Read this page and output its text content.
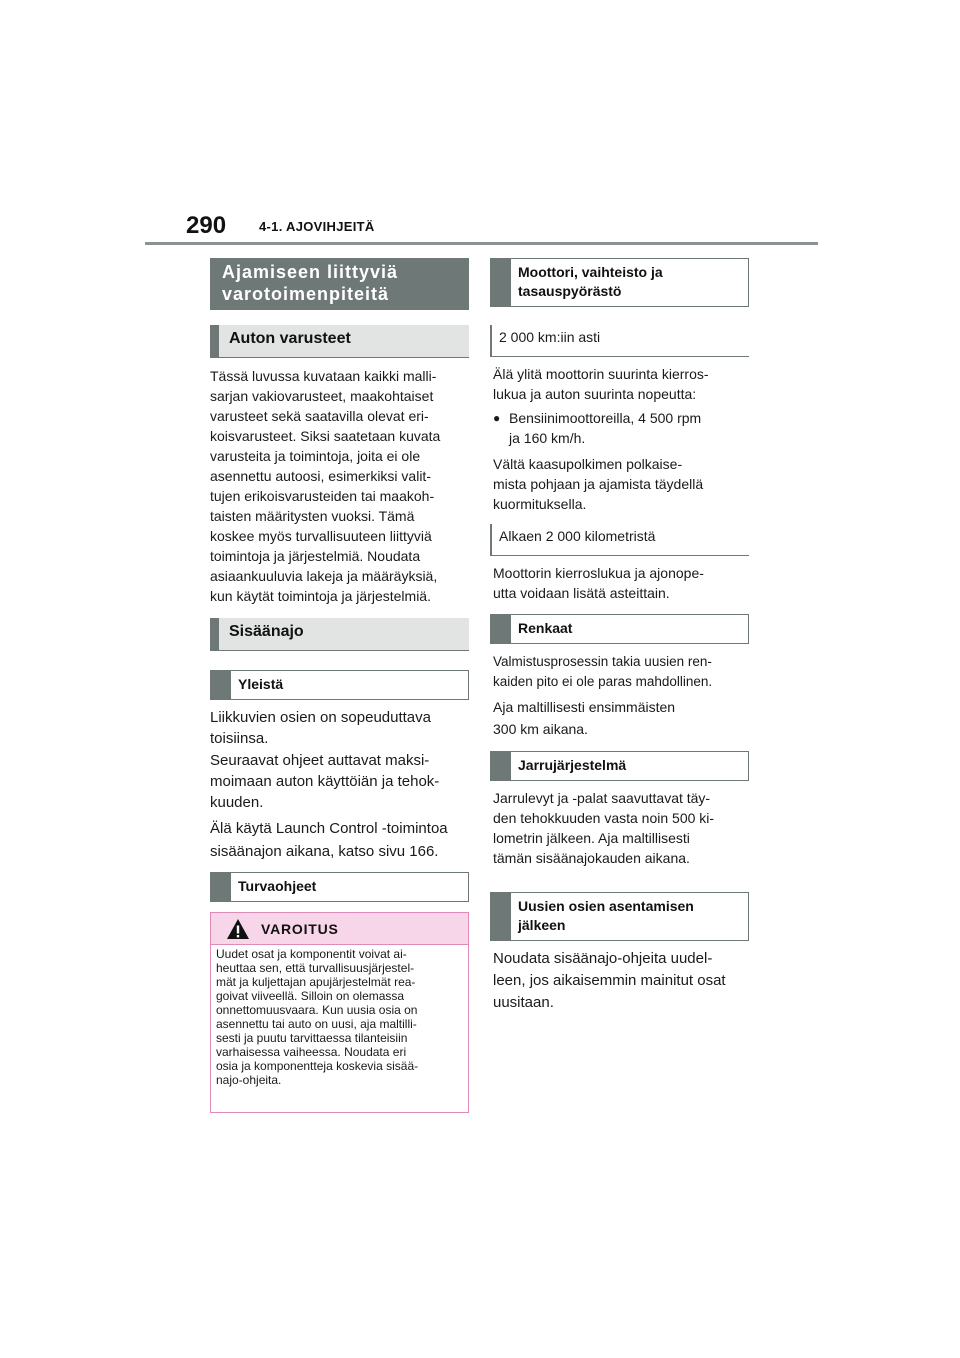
290	4-1. AJOVIHJEITÄ
Ajamiseen liittyviä
varotoimenpiteitä
Auton varusteet
Tässä luvussa kuvataan kaikki malli-
sarjan vakiovarusteet, maakohtaiset
varusteet sekä saatavilla olevat eri-
koisvarusteet. Siksi saatetaan kuvata
varusteita ja toimintoja, joita ei ole
asennettu autoosi, esimerkiksi valit-
tujen erikoisvarusteiden tai maakoh-
taisten määritysten vuoksi. Tämä
koskee myös turvallisuuteen liittyviä
toimintoja ja järjestelmiä. Noudata
asiaankuuluvia lakeja ja määräyksiä,
kun käytät toimintoja ja järjestelmiä.
Sisäänajo
Yleistä
Liikkuvien osien on sopeuduttava
toisiinsa.
Seuraavat ohjeet auttavat maksi-
moimaan auton käyttöiän ja tehok-
kuuden.
Älä käytä Launch Control -toimintoa
sisäänajon aikana, katso sivu 166.
Turvaohjeet
VAROITUS
Uudet osat ja komponentit voivat ai-
heuttaa sen, että turvallisuusjärjestel-
mät ja kuljettajan apujärjestelmät rea-
goivat viiveellä. Silloin on olemassa
onnettomuusvaara. Kun uusia osia on
asennettu tai auto on uusi, aja maltilli-
sesti ja puutu tarvittaessa tilanteisiin
varhaisessa vaiheessa. Noudata eri
osia ja komponentteja koskevia sisää-
najo-ohjeita.
Moottori, vaihteisto ja
tasauspyörästö
2 000 km:iin asti
Älä ylitä moottorin suurinta kierros-
lukua ja auton suurinta nopeutta:
● Bensiinimoottoreilla, 4 500 rpm
ja 160 km/h.
Vältä kaasupolkimen polkaise-
mista pohjaan ja ajamista täydellä
kuormituksella.
Alkaen 2 000 kilometristä
Moottorin kierroslukua ja ajonope-
utta voidaan lisätä asteittain.
Renkaat
Valmistusprosessin takia uusien ren-
kaiden pito ei ole paras mahdollinen.
Aja maltillisesti ensimmäisten
300 km aikana.
Jarrujärjestelmä
Jarrulevyt ja -palat saavuttavat täy-
den tehokkuuden vasta noin 500 ki-
lometrin jälkeen. Aja maltillisesti
tämän sisäänajokauden aikana.
Uusien osien asentamisen
jälkeen
Noudata sisäänajo-ohjeita uudel-
leen, jos aikaisemmin mainitut osat
uusitaan.
